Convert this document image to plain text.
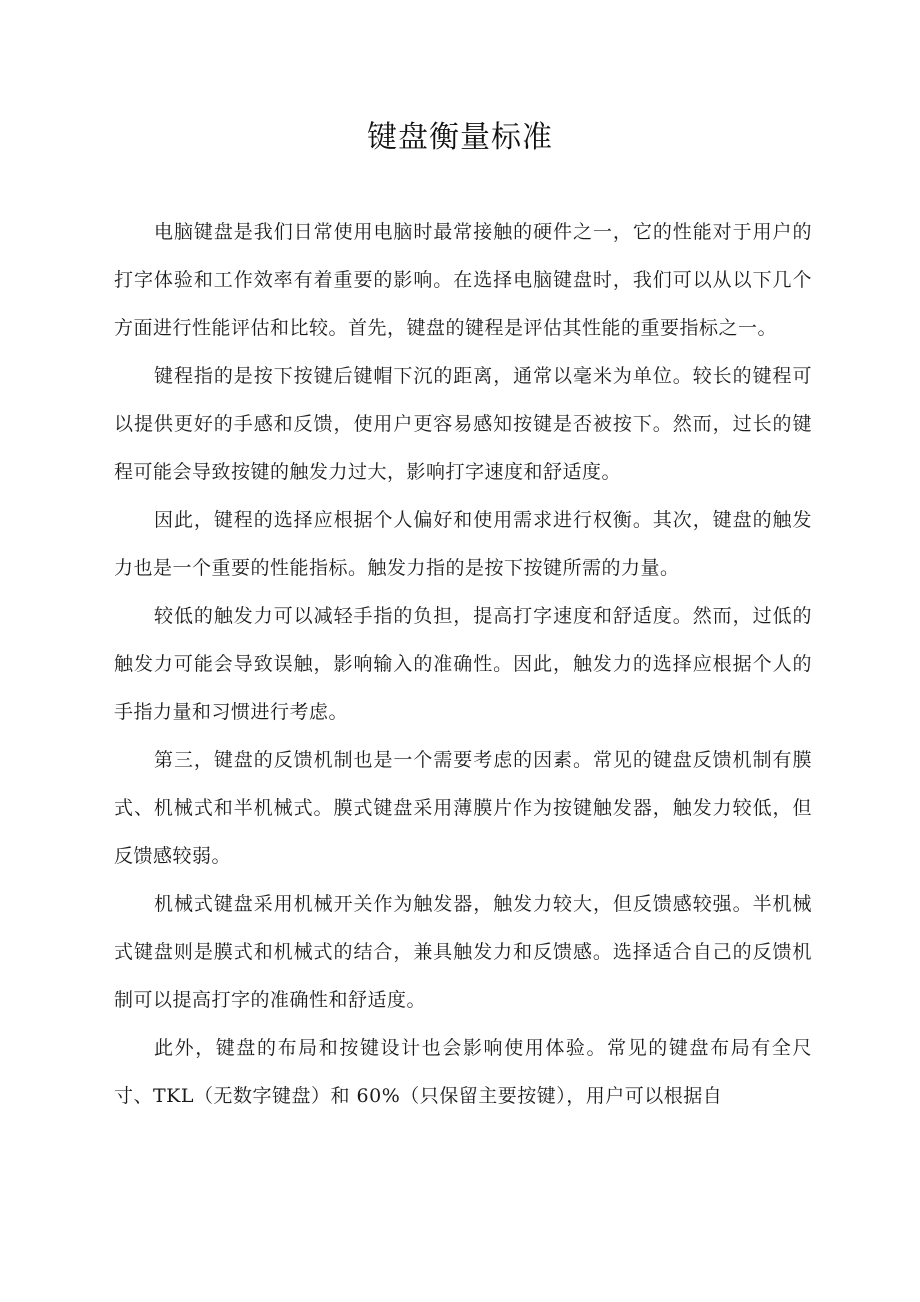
键盘衡量标准

电脑键盘是我们日常使用电脑时最常接触的硬件之一，它的性能对于用户的打字体验和工作效率有着重要的影响。在选择电脑键盘时，我们可以从以下几个方面进行性能评估和比较。首先，键盘的键程是评估其性能的重要指标之一。

键程指的是按下按键后键帽下沉的距离，通常以毫米为单位。较长的键程可以提供更好的手感和反馈，使用户更容易感知按键是否被按下。然而，过长的键程可能会导致按键的触发力过大，影响打字速度和舒适度。

因此，键程的选择应根据个人偏好和使用需求进行权衡。其次，键盘的触发力也是一个重要的性能指标。触发力指的是按下按键所需的力量。

较低的触发力可以减轻手指的负担，提高打字速度和舒适度。然而，过低的触发力可能会导致误触，影响输入的准确性。因此，触发力的选择应根据个人的手指力量和习惯进行考虑。

第三，键盘的反馈机制也是一个需要考虑的因素。常见的键盘反馈机制有膜式、机械式和半机械式。膜式键盘采用薄膜片作为按键触发器，触发力较低，但反馈感较弱。

机械式键盘采用机械开关作为触发器，触发力较大，但反馈感较强。半机械式键盘则是膜式和机械式的结合，兼具触发力和反馈感。选择适合自己的反馈机制可以提高打字的准确性和舒适度。

此外，键盘的布局和按键设计也会影响使用体验。常见的键盘布局有全尺寸、TKL（无数字键盘）和 60%（只保留主要按键），用户可以根据自
